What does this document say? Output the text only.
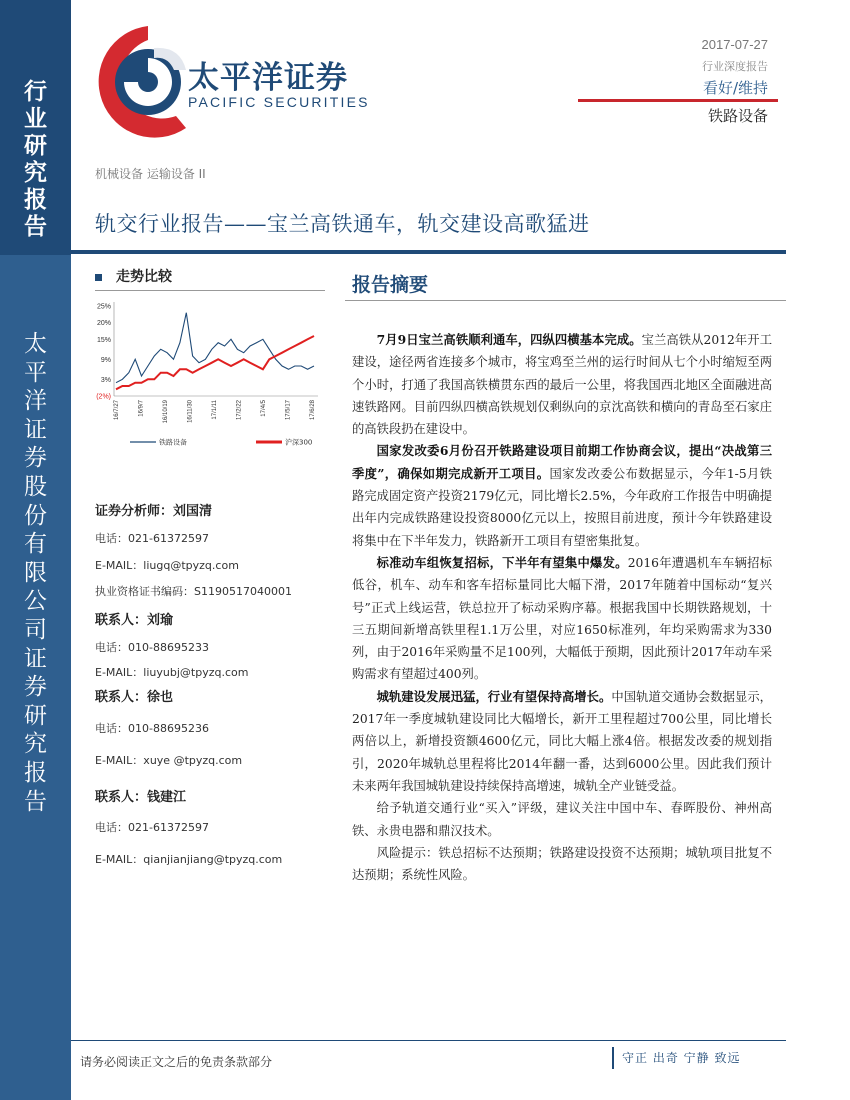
行
业
研
究
报
告
太
平
洋
证
券
股
份
有
限
公
司
证
券
研
究
报
告
太平洋证券
PACIFIC SECURITIES
2017-07-27
行业深度报告
看好/维持
铁路设备
机械设备 运输设备 II
轨交行业报告——宝兰高铁通车，轨交建设高歌猛进
走势比较
25%
20%
15%
9%
3%
(2%)
16/7/27	16/9/7	16/10/19	16/11/30	17/1/11	17/2/22	17/4/5	17/5/17	17/6/28
铁路设备	沪深300
证券分析师：刘国清
电话：021-61372597
E-MAIL：liugq@tpyzq.com
执业资格证书编码：S1190517040001
联系人：刘瑜
电话：010-88695233
E-MAIL：liuyubj@tpyzq.com
联系人：徐也
电话：010-88695236
E-MAIL：xuye @tpyzq.com
联系人：钱建江
电话：021-61372597
E-MAIL：qianjianjiang@tpyzq.com
报告摘要

7月9日宝兰高铁顺利通车，四纵四横基本完成。宝兰高铁从2012年开工建设，途径两省连接多个城市，将宝鸡至兰州的运行时间从七个小时缩短至两个小时，打通了我国高铁横贯东西的最后一公里，将我国西北地区全面融进高速铁路网。目前四纵四横高铁规划仅剩纵向的京沈高铁和横向的青岛至石家庄的高铁段扔在建设中。

国家发改委6月份召开铁路建设项目前期工作协商会议，提出“决战第三季度”，确保如期完成新开工项目。国家发改委公布数据显示，今年1-5月铁路完成固定资产投资2179亿元，同比增长2.5%，今年政府工作报告中明确提出年内完成铁路建设投资8000亿元以上，按照目前进度，预计今年铁路建设将集中在下半年发力，铁路新开工项目有望密集批复。

标准动车组恢复招标，下半年有望集中爆发。2016年遭遇机车车辆招标低谷，机车、动车和客车招标量同比大幅下滑，2017年随着中国标动“复兴号”正式上线运营，铁总拉开了标动采购序幕。根据我国中长期铁路规划，十三五期间新增高铁里程1.1万公里，对应1650标准列，年均采购需求为330列，由于2016年采购量不足100列，大幅低于预期，因此预计2017年动车采购需求有望超过400列。

城轨建设发展迅猛，行业有望保持高增长。中国轨道交通协会数据显示，2017年一季度城轨建设同比大幅增长，新开工里程超过700公里，同比增长两倍以上，新增投资额4600亿元，同比大幅上涨4倍。根据发改委的规划指引，2020年城轨总里程将比2014年翻一番，达到6000公里。因此我们预计未来两年我国城轨建设持续保持高增速，城轨全产业链受益。

给予轨道交通行业“买入”评级，建议关注中国中车、春晖股份、神州高铁、永贵电器和鼎汉技术。

风险提示：铁总招标不达预期；铁路建设投资不达预期；城轨项目批复不达预期；系统性风险。

请务必阅读正文之后的免责条款部分	守正 出奇 宁静 致远
